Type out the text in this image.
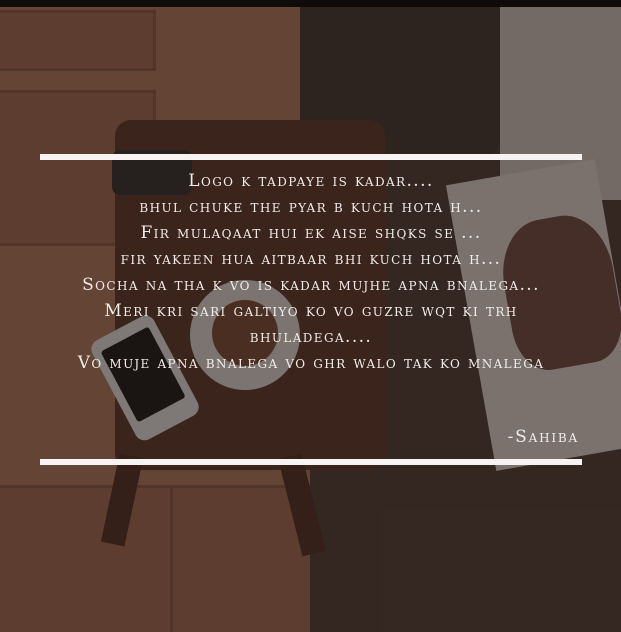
Logo k tadpaye is kadar....
bhul chuke the pyar b kuch hota h...
Fir mulaqaat hui ek aise shqks se ...
fir yakeen hua aitbaar bhi kuch hota h...
Socha na tha k vo is kadar mujhe apna bnalega...
Meri kri sari galtiyo ko vo guzre wqt ki trh bhuladega....
Vo muje apna bnalega vo ghr walo tak ko mnalega
-Sahiba
